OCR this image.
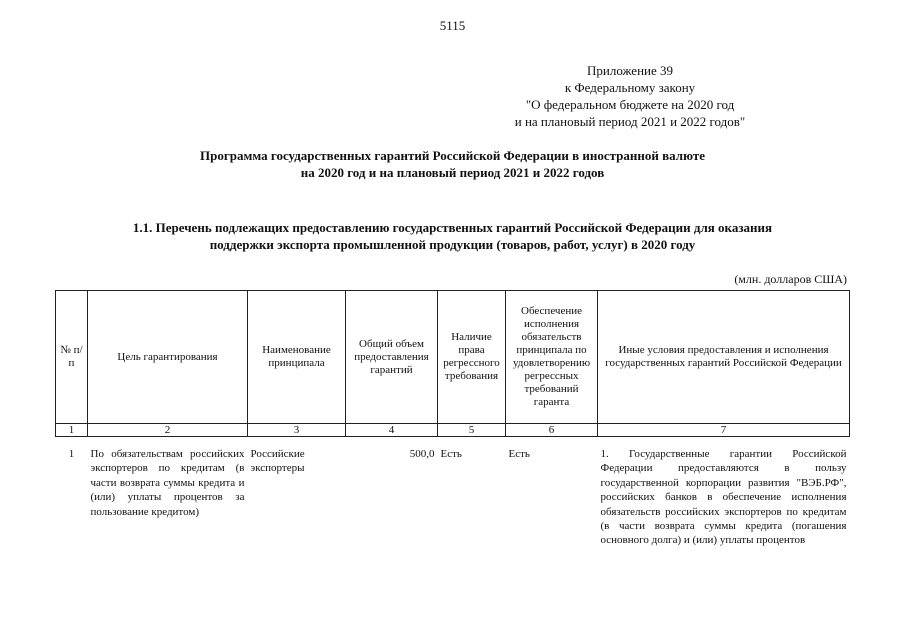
5115
Приложение 39
к Федеральному закону
"О федеральном бюджете на 2020 год
и на плановый период 2021 и 2022 годов"
Программа государственных гарантий Российской Федерации в иностранной валюте
на 2020 год и на плановый период 2021 и 2022 годов
1.1. Перечень подлежащих предоставлению государственных гарантий Российской Федерации для оказания
поддержки экспорта промышленной продукции (товаров, работ, услуг) в 2020 году
(млн. долларов США)
№ п/п	Цель гарантирования	Наименование принципала	Общий объем предоставления гарантий	Наличие права регрессного требования	Обеспечение исполнения обязательств принципала по удовлетворению регрессных требований гаранта	Иные условия предоставления и исполнения государственных гарантий Российской Федерации
1	2	3	4	5	6	7
1	По обязательствам российских экспортеров по кредитам (в части возврата суммы кредита и (или) уплаты процентов за пользование кредитом)	Российские экспортеры	500,0	Есть	Есть	1. Государственные гарантии Российской Федерации предоставляются в пользу государственной корпорации развития "ВЭБ.РФ", российских банков в обеспечение исполнения обязательств российских экспортеров по кредитам (в части возврата суммы кредита (погашения основного долга) и (или) уплаты процентов
